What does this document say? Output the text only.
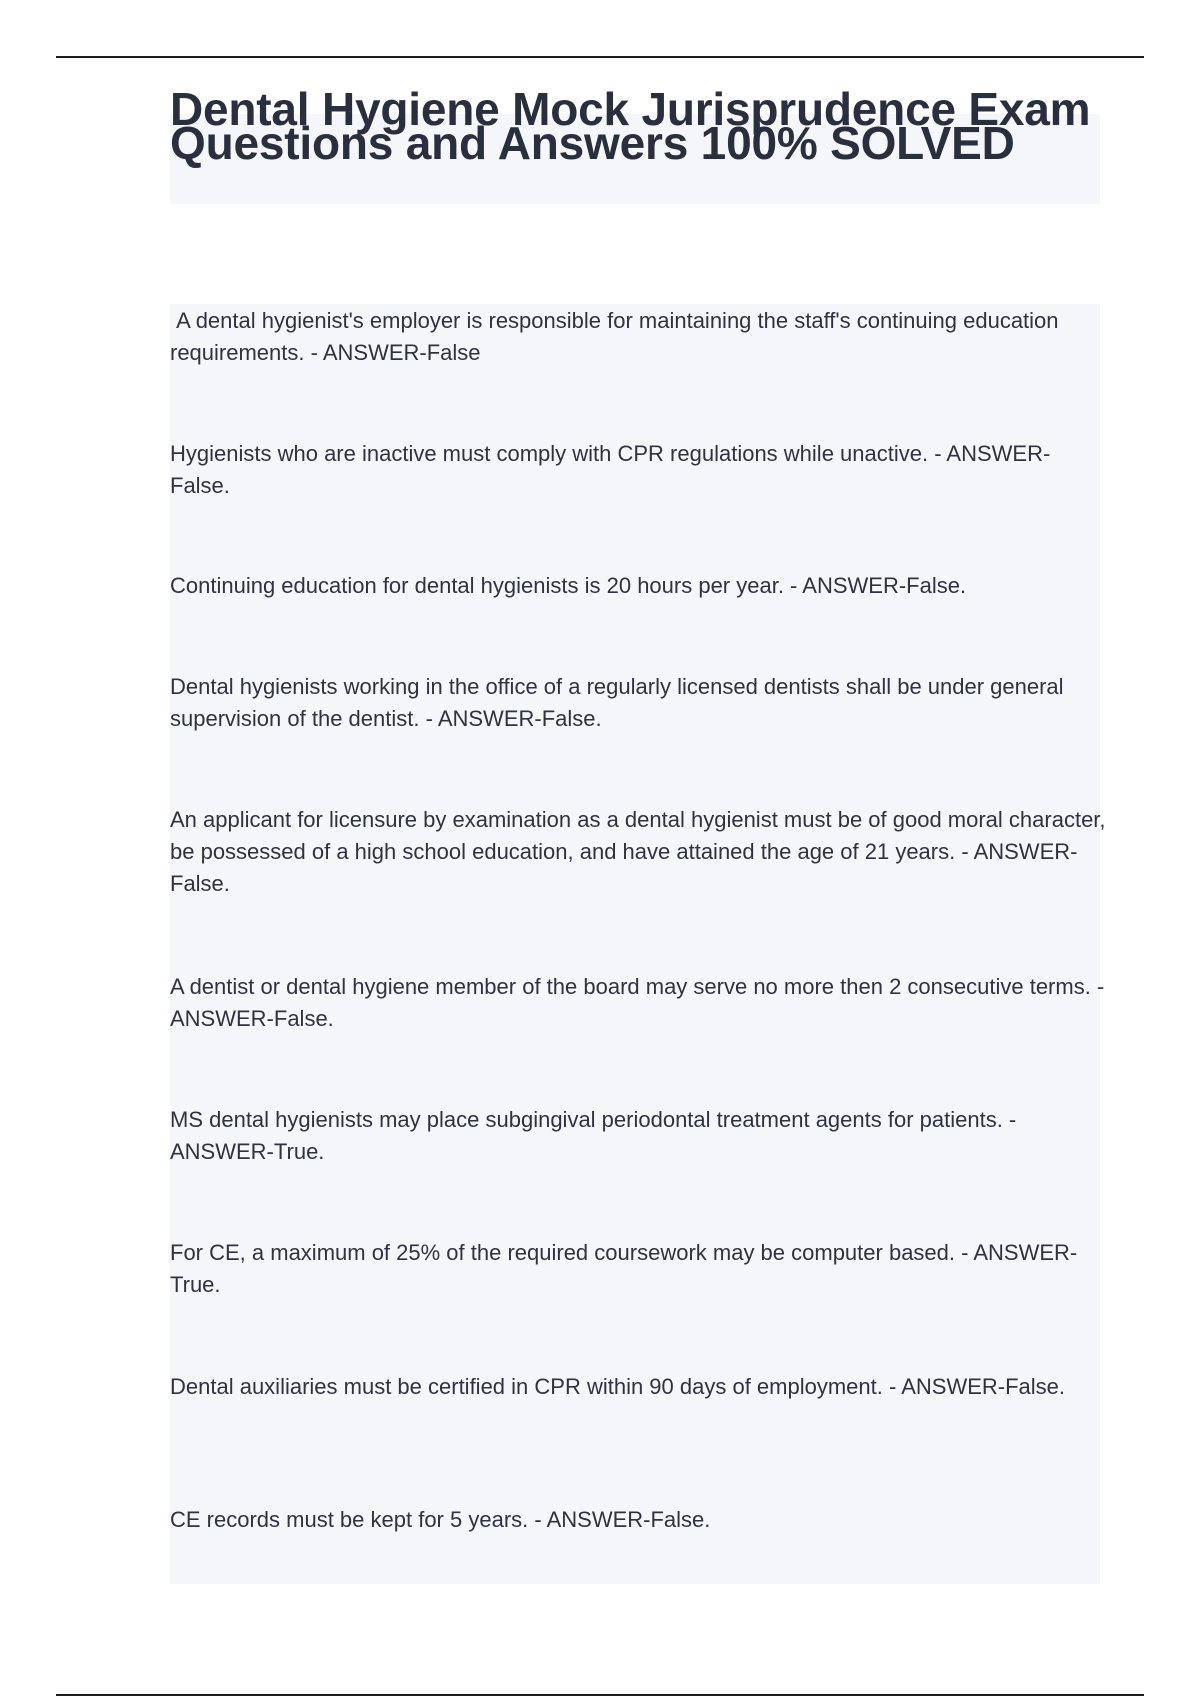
Dental Hygiene Mock Jurisprudence Exam Questions and Answers 100% SOLVED

A dental hygienist's employer is responsible for maintaining the staff's continuing education requirements. - ANSWER-False

Hygienists who are inactive must comply with CPR regulations while unactive. - ANSWER-False.

Continuing education for dental hygienists is 20 hours per year. - ANSWER-False.

Dental hygienists working in the office of a regularly licensed dentists shall be under general supervision of the dentist. - ANSWER-False.

An applicant for licensure by examination as a dental hygienist must be of good moral character, be possessed of a high school education, and have attained the age of 21 years. - ANSWER-False.

A dentist or dental hygiene member of the board may serve no more then 2 consecutive terms. - ANSWER-False.

MS dental hygienists may place subgingival periodontal treatment agents for patients. - ANSWER-True.

For CE, a maximum of 25% of the required coursework may be computer based. - ANSWER-True.

Dental auxiliaries must be certified in CPR within 90 days of employment. - ANSWER-False.

CE records must be kept for 5 years. - ANSWER-False.
